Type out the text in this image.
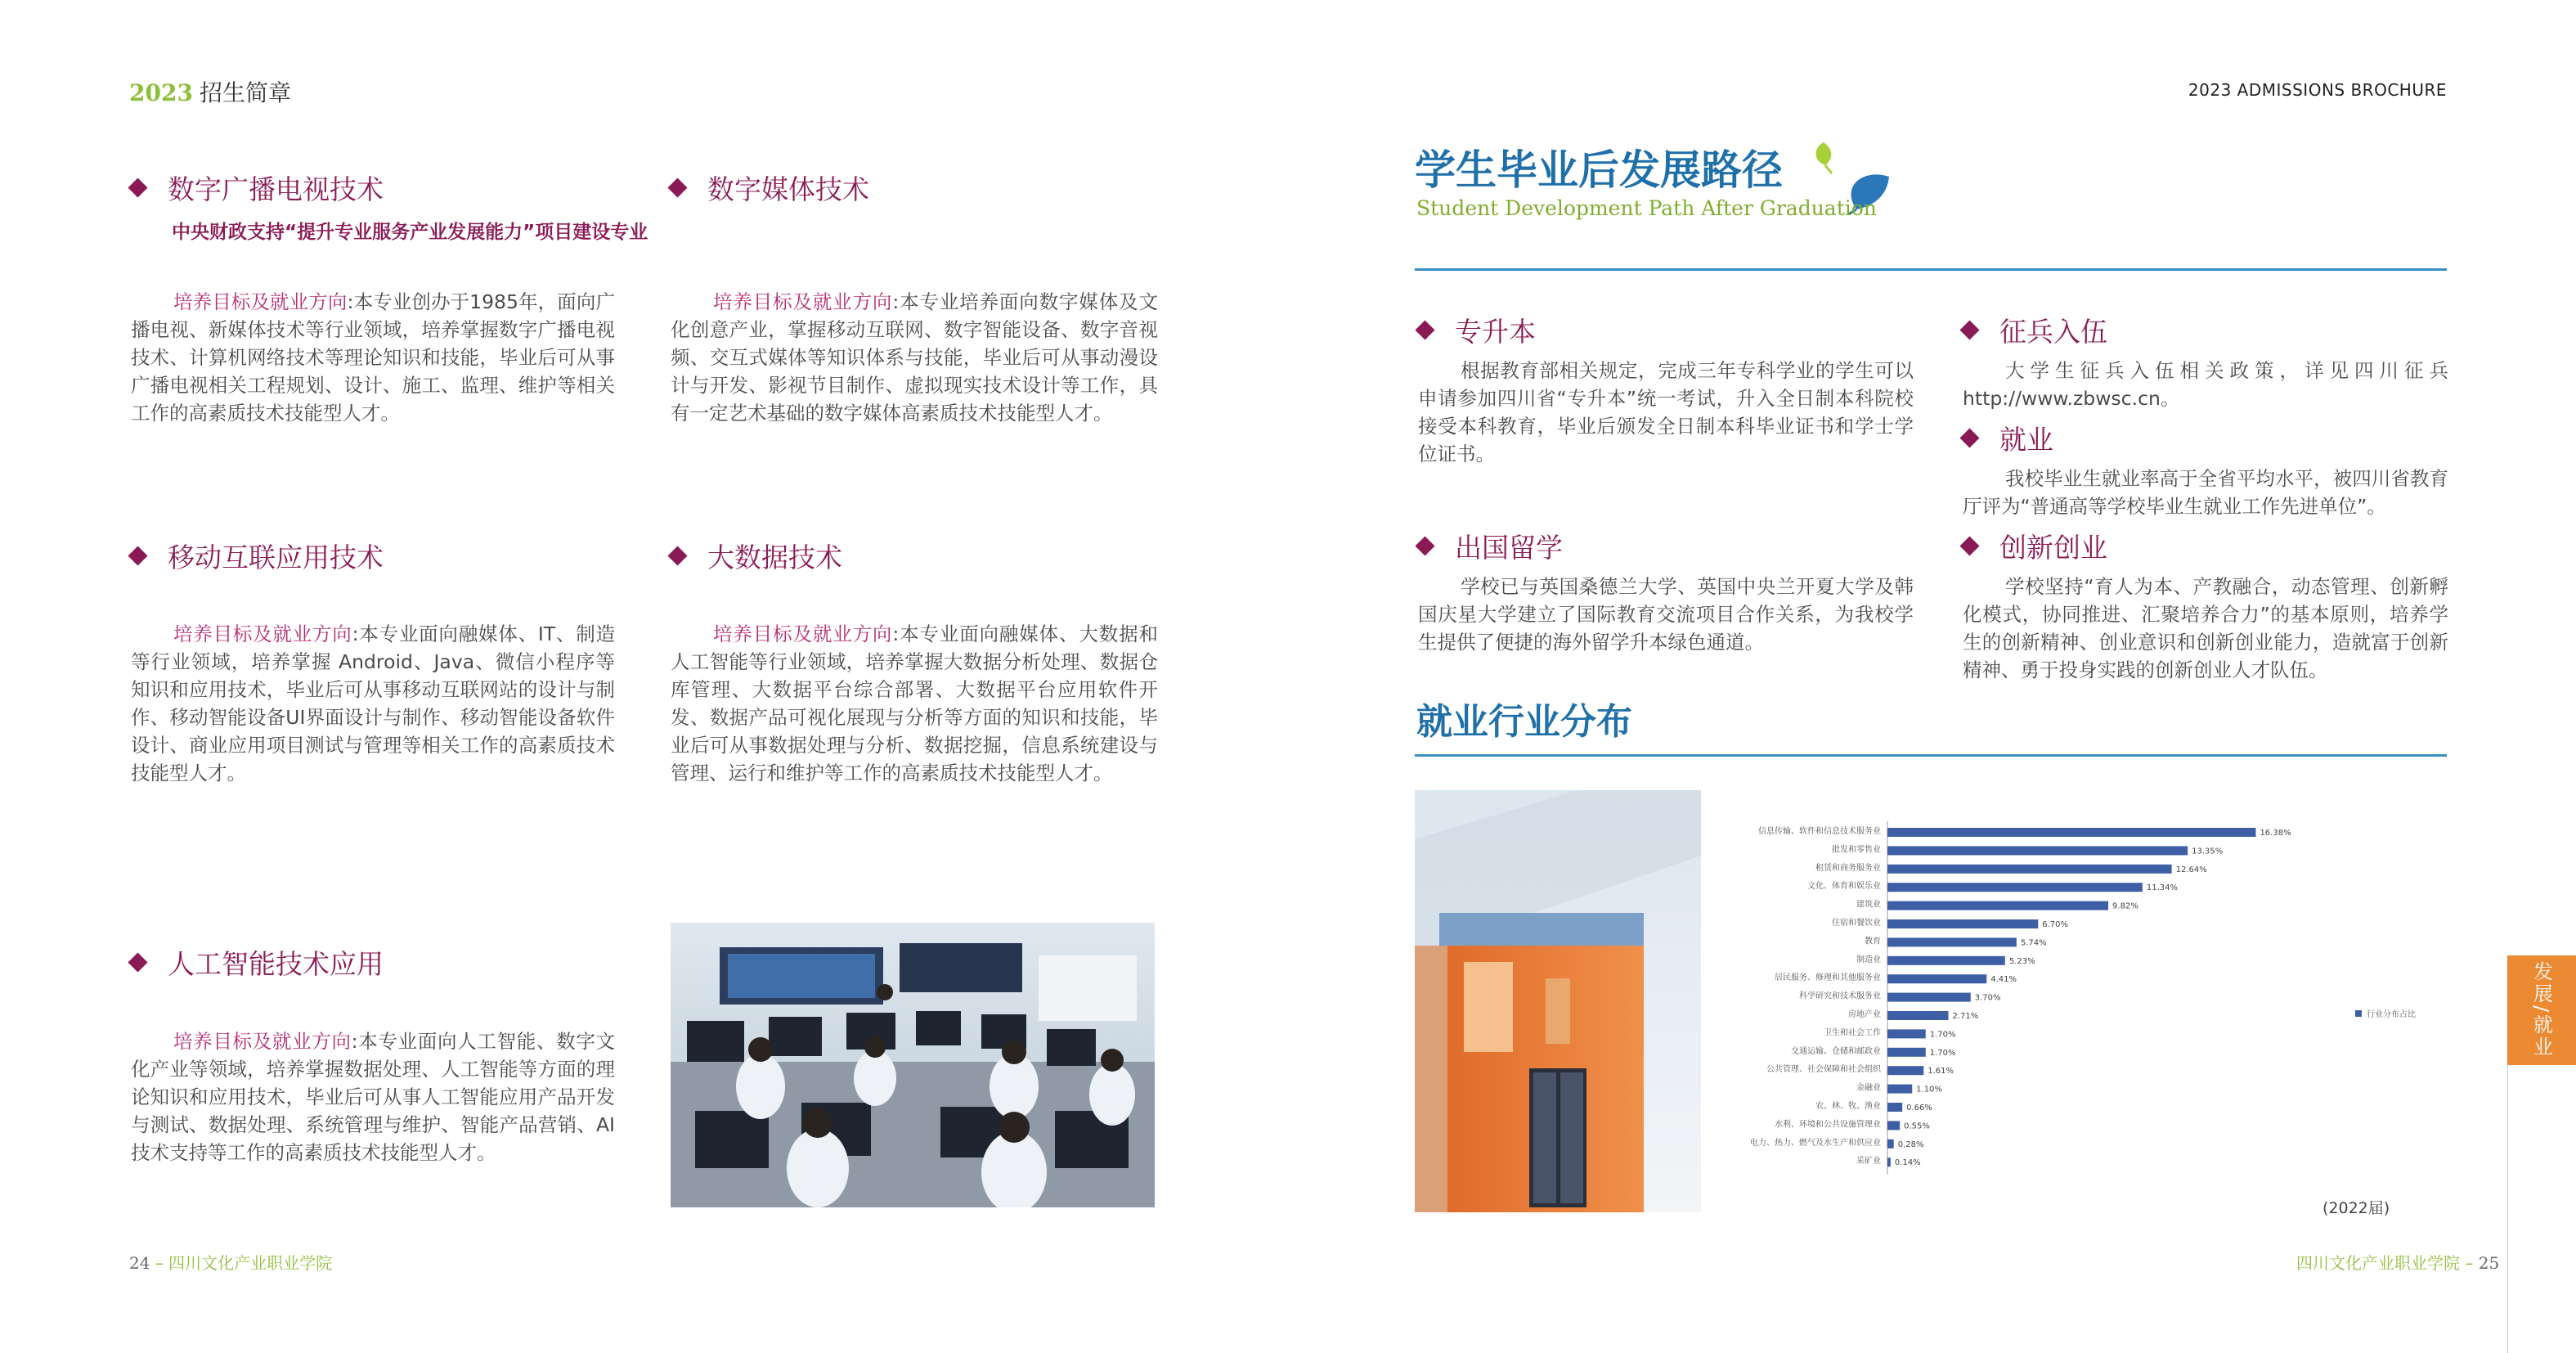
2023 招生简章	2023 ADMISSIONS BROCHURE
数字广播电视技术
中央财政支持“提升专业服务产业发展能力”项目建设专业
培养目标及就业方向:本专业创办于1985年，面向广播电视、新媒体技术等行业领域，培养掌握数字广播电视技术、计算机网络技术等理论知识和技能，毕业后可从事广播电视相关工程规划、设计、施工、监理、维护等相关工作的高素质技术技能型人才。
数字媒体技术
培养目标及就业方向:本专业培养面向数字媒体及文化创意产业，掌握移动互联网、数字智能设备、数字音视频、交互式媒体等知识体系与技能，毕业后可从事动漫设计与开发、影视节目制作、虚拟现实技术设计等工作，具有一定艺术基础的数字媒体高素质技术技能型人才。
移动互联应用技术
培养目标及就业方向:本专业面向融媒体、IT、制造等行业领域，培养掌握 Android、Java、微信小程序等知识和应用技术，毕业后可从事移动互联网站的设计与制作、移动智能设备UI界面设计与制作、移动智能设备软件设计、商业应用项目测试与管理等相关工作的高素质技术技能型人才。
大数据技术
培养目标及就业方向:本专业面向融媒体、大数据和人工智能等行业领域，培养掌握大数据分析处理、数据仓库管理、大数据平台综合部署、大数据平台应用软件开发、数据产品可视化展现与分析等方面的知识和技能，毕业后可从事数据处理与分析、数据挖掘，信息系统建设与管理、运行和维护等工作的高素质技术技能型人才。
人工智能技术应用
培养目标及就业方向:本专业面向人工智能、数字文化产业等领域，培养掌握数据处理、人工智能等方面的理论知识和应用技术，毕业后可从事人工智能应用产品开发与测试、数据处理、系统管理与维护、智能产品营销、AI技术支持等工作的高素质技术技能型人才。
24 – 四川文化产业职业学院
学生毕业后发展路径
Student Development Path After Graduation
专升本
根据教育部相关规定，完成三年专科学业的学生可以申请参加四川省“专升本”统一考试，升入全日制本科院校接受本科教育，毕业后颁发全日制本科毕业证书和学士学位证书。
征兵入伍
大学生征兵入伍相关政策，详见四川征兵 http://www.zbwsc.cn。
就业
我校毕业生就业率高于全省平均水平，被四川省教育厅评为“普通高等学校毕业生就业工作先进单位”。
出国留学
学校已与英国桑德兰大学、英国中央兰开夏大学及韩国庆星大学建立了国际教育交流项目合作关系，为我校学生提供了便捷的海外留学升本绿色通道。
创新创业
学校坚持“育人为本、产教融合，动态管理、创新孵化模式，协同推进、汇聚培养合力”的基本原则，培养学生的创新精神、创业意识和创新创业能力，造就富于创新精神、勇于投身实践的创新创业人才队伍。
就业行业分布
信息传输、软件和信息技术服务业	16.38%
批发和零售业	13.35%
租赁和商务服务业	12.64%
文化、体育和娱乐业	11.34%
建筑业	9.82%
住宿和餐饮业	6.70%
教育	5.74%
制造业	5.23%
居民服务、修理和其他服务业	4.41%
科学研究和技术服务业	3.70%
房地产业	2.71%
卫生和社会工作	1.70%
交通运输、仓储和邮政业	1.70%
公共管理、社会保障和社会组织	1.61%
金融业	1.10%
农、林、牧、渔业	0.66%
水利、环境和公共设施管理业	0.55%
电力、热力、燃气及水生产和供应业 0.28%
采矿业 0.14%
行业分布占比
(2022届)
四川文化产业职业学院 – 25
发展/就业
